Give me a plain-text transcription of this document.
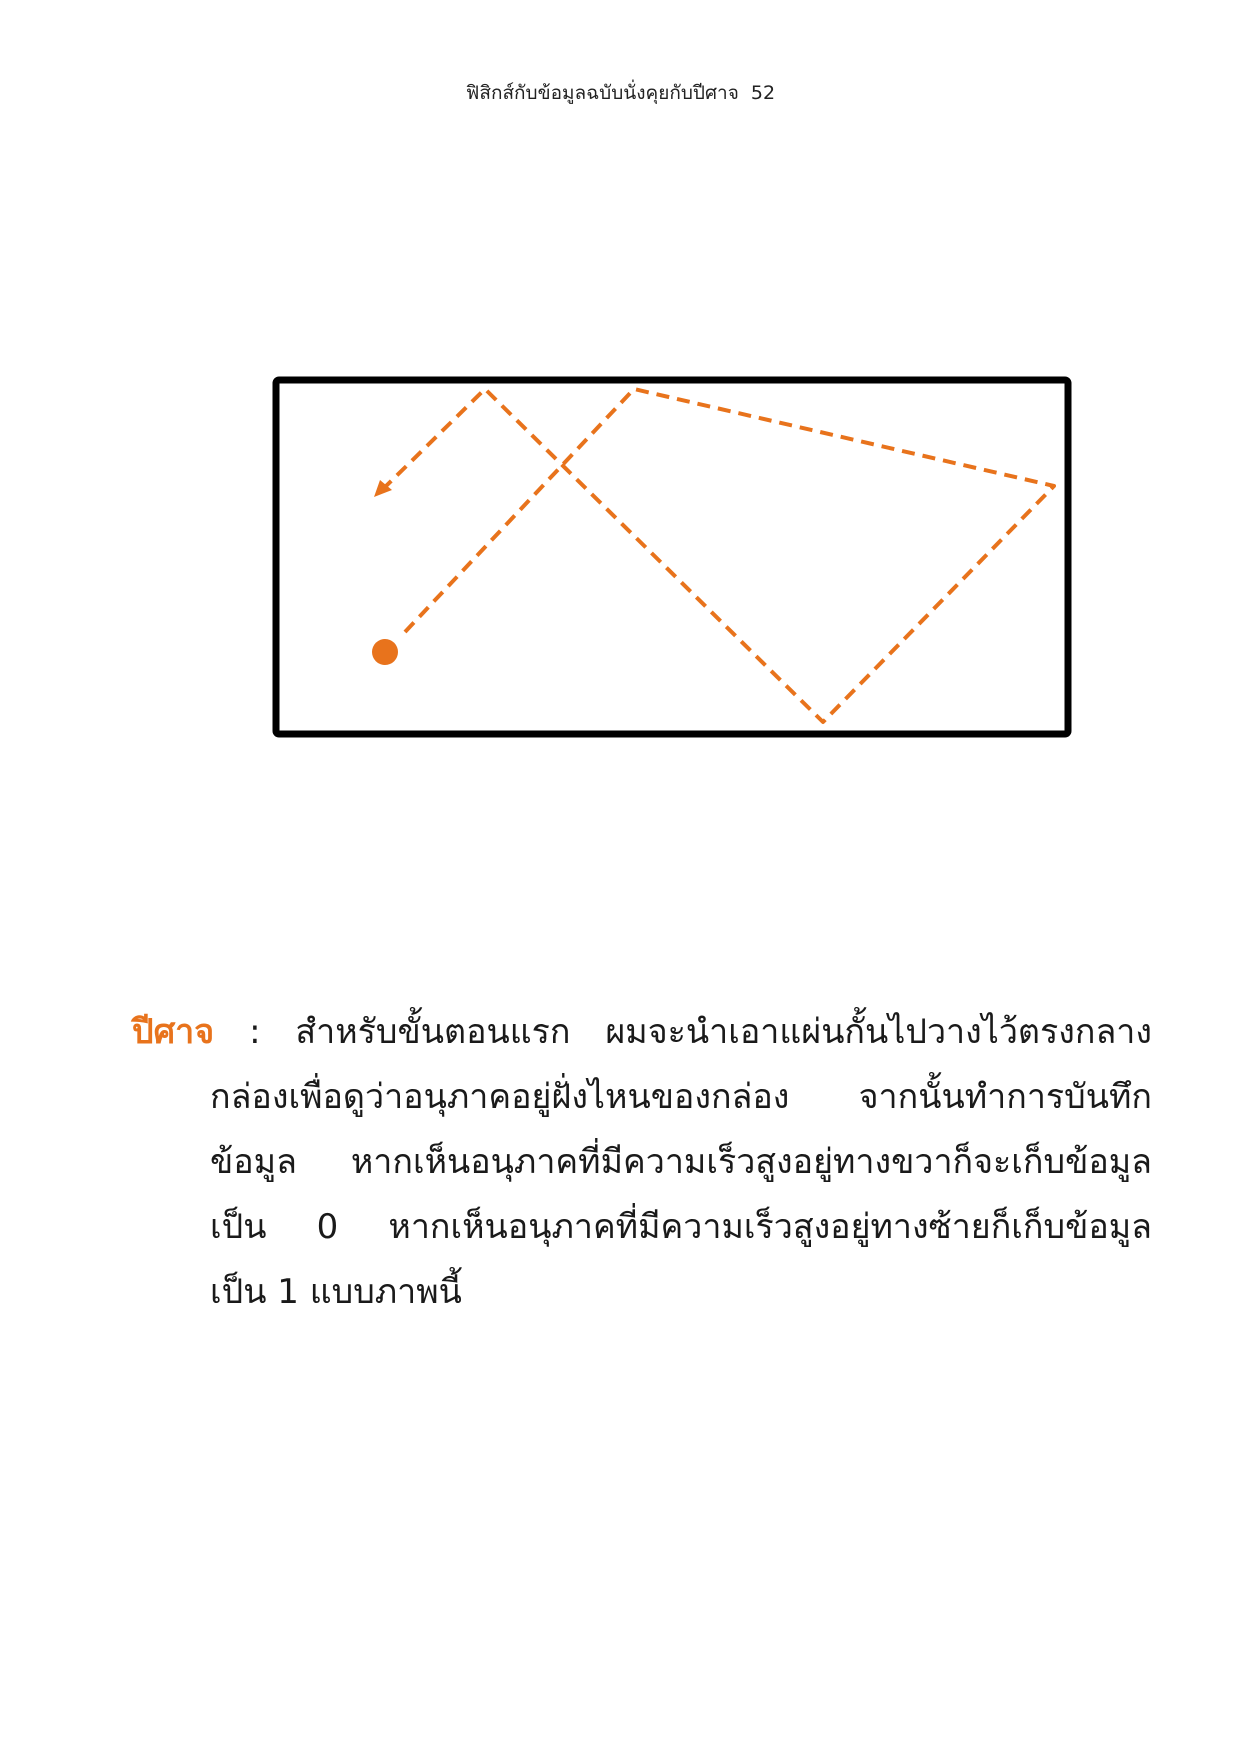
ฟิสิกส์กับข้อมูลฉบับนั่งคุยกับปีศาจ 52
ปีศาจ : สำหรับขั้นตอนแรก ผมจะนำเอาแผ่นกั้นไปวางไว้ตรงกลาง
กล่องเพื่อดูว่าอนุภาคอยู่ฝั่งไหนของกล่อง จากนั้นทำการบันทึก
ข้อมูล หากเห็นอนุภาคที่มีความเร็วสูงอยู่ทางขวาก็จะเก็บข้อมูล
เป็น 0 หากเห็นอนุภาคที่มีความเร็วสูงอยู่ทางซ้ายก็เก็บข้อมูล
เป็น 1 แบบภาพนี้
